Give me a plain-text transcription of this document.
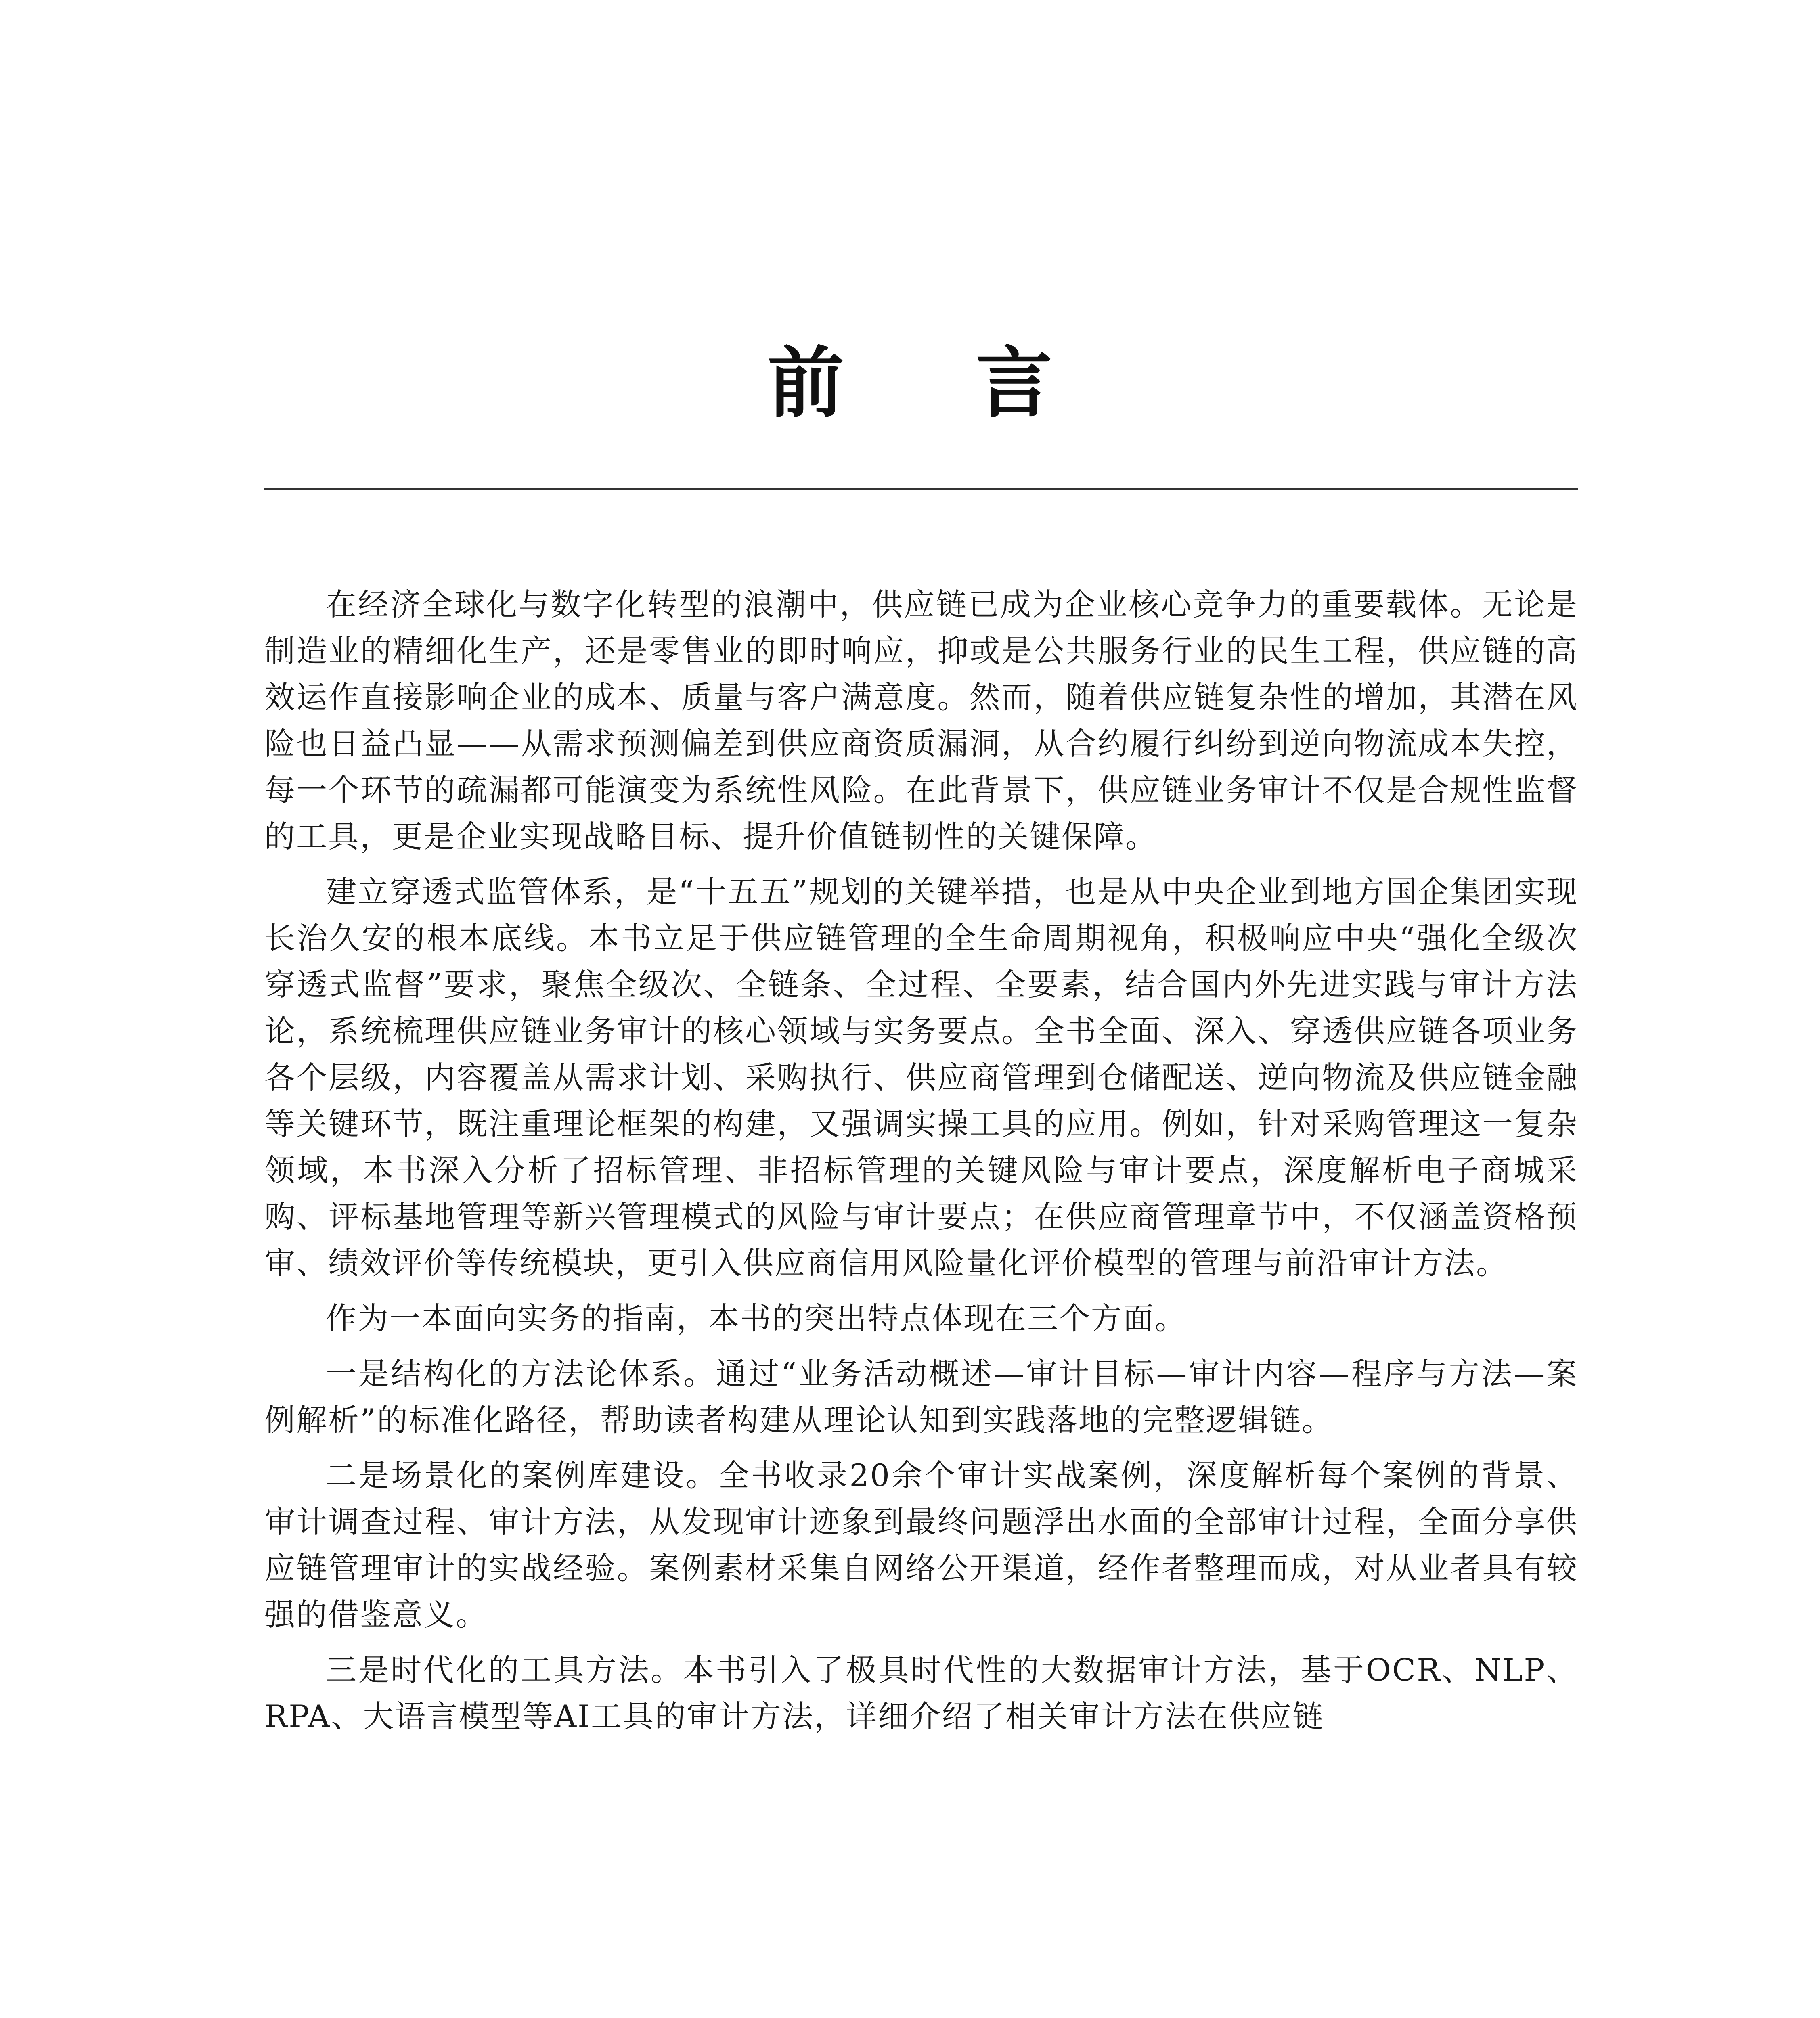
前 言

在经济全球化与数字化转型的浪潮中，供应链已成为企业核心竞争力的重要载体。无论是制造业的精细化生产，还是零售业的即时响应，抑或是公共服务行业的民生工程，供应链的高效运作直接影响企业的成本、质量与客户满意度。然而，随着供应链复杂性的增加，其潜在风险也日益凸显——从需求预测偏差到供应商资质漏洞，从合约履行纠纷到逆向物流成本失控，每一个环节的疏漏都可能演变为系统性风险。在此背景下，供应链业务审计不仅是合规性监督的工具，更是企业实现战略目标、提升价值链韧性的关键保障。

建立穿透式监管体系，是“十五五”规划的关键举措，也是从中央企业到地方国企集团实现长治久安的根本底线。本书立足于供应链管理的全生命周期视角，积极响应中央“强化全级次穿透式监督”要求，聚焦全级次、全链条、全过程、全要素，结合国内外先进实践与审计方法论，系统梳理供应链业务审计的核心领域与实务要点。全书全面、深入、穿透供应链各项业务各个层级，内容覆盖从需求计划、采购执行、供应商管理到仓储配送、逆向物流及供应链金融等关键环节，既注重理论框架的构建，又强调实操工具的应用。例如，针对采购管理这一复杂领域，本书深入分析了招标管理、非招标管理的关键风险与审计要点，深度解析电子商城采购、评标基地管理等新兴管理模式的风险与审计要点；在供应商管理章节中，不仅涵盖资格预审、绩效评价等传统模块，更引入供应商信用风险量化评价模型的管理与前沿审计方法。

作为一本面向实务的指南，本书的突出特点体现在三个方面。

一是结构化的方法论体系。通过“业务活动概述—审计目标—审计内容—程序与方法—案例解析”的标准化路径，帮助读者构建从理论认知到实践落地的完整逻辑链。

二是场景化的案例库建设。全书收录20余个审计实战案例，深度解析每个案例的背景、审计调查过程、审计方法，从发现审计迹象到最终问题浮出水面的全部审计过程，全面分享供应链管理审计的实战经验。案例素材采集自网络公开渠道，经作者整理而成，对从业者具有较强的借鉴意义。

三是时代化的工具方法。本书引入了极具时代性的大数据审计方法，基于OCR、NLP、RPA、大语言模型等AI工具的审计方法，详细介绍了相关审计方法在供应链
